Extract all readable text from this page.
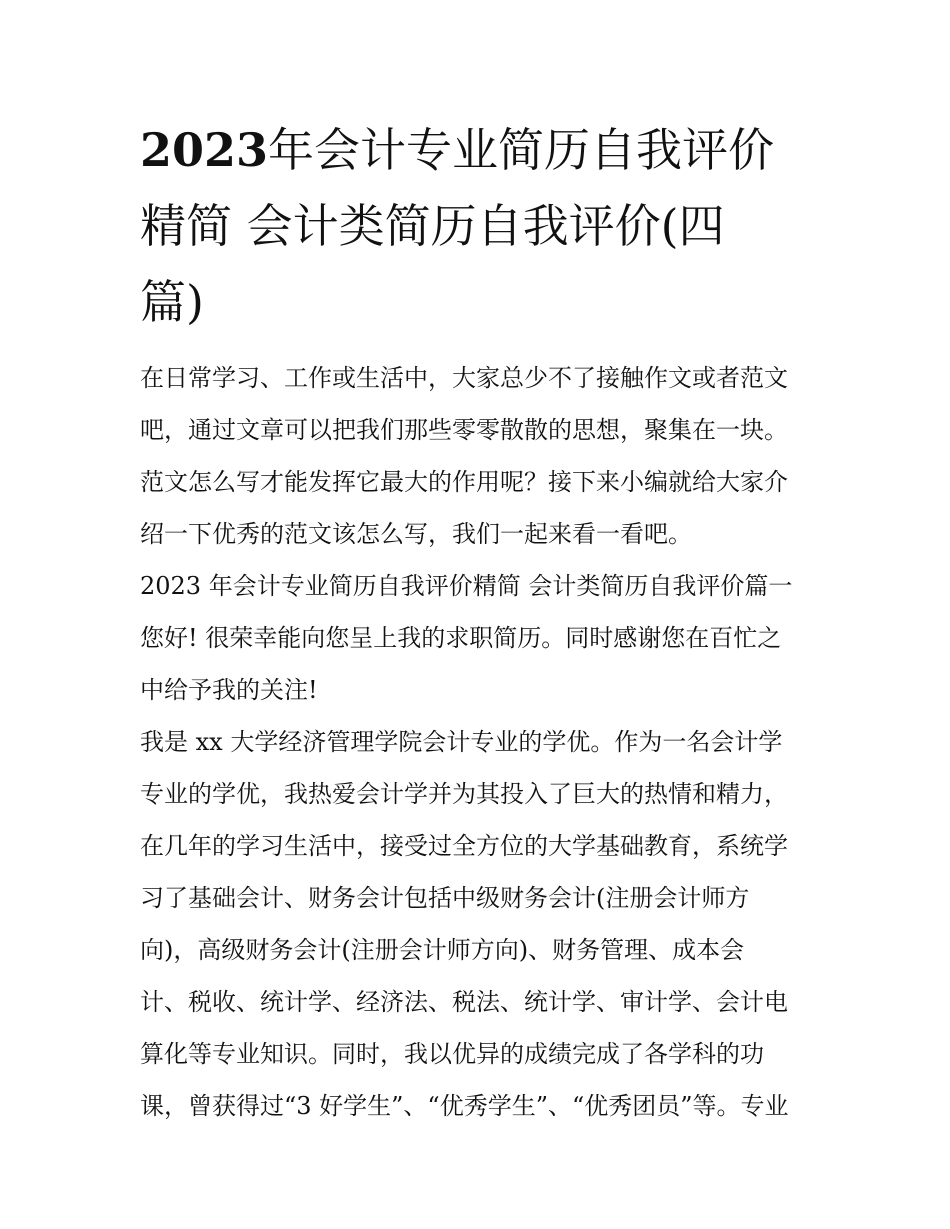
2023年会计专业简历自我评价
精简 会计类简历自我评价(四
篇)
在日常学习、工作或生活中，大家总少不了接触作文或者范文
吧，通过文章可以把我们那些零零散散的思想，聚集在一块。
范文怎么写才能发挥它最大的作用呢？接下来小编就给大家介
绍一下优秀的范文该怎么写，我们一起来看一看吧。
2023 年会计专业简历自我评价精简 会计类简历自我评价篇一
您好! 很荣幸能向您呈上我的求职简历。同时感谢您在百忙之
中给予我的关注!
我是 xx 大学经济管理学院会计专业的学优。作为一名会计学
专业的学优，我热爱会计学并为其投入了巨大的热情和精力，
在几年的学习生活中，接受过全方位的大学基础教育，系统学
习了基础会计、财务会计包括中级财务会计(注册会计师方
向)，高级财务会计(注册会计师方向)、财务管理、成本会
计、税收、统计学、经济法、税法、统计学、审计学、会计电
算化等专业知识。同时，我以优异的成绩完成了各学科的功
课，曾获得过“3 好学生”、“优秀学生”、“优秀团员”等。专业
